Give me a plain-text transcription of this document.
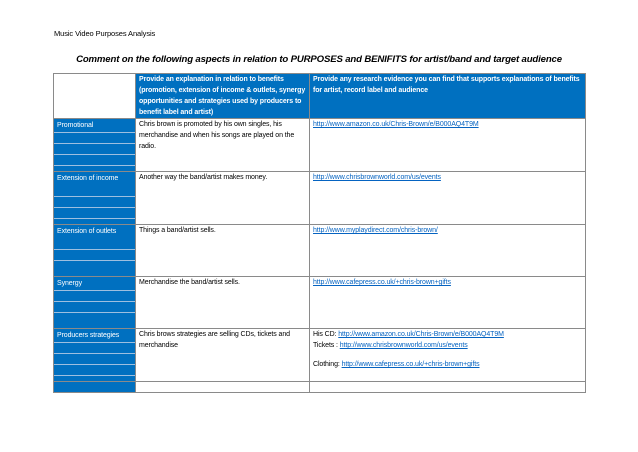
Music Video Purposes Analysis
Comment on the following aspects in relation to PURPOSES and BENIFITS for artist/band and target audience
	Provide an explanation in relation to benefits (promotion, extension of income & outlets, synergy opportunities and strategies used by producers to benefit label and artist)	Provide any research evidence you can find that supports explanations of benefits for artist, record label and audience

Promotional	Chris brown is promoted by his own singles, his merchandise and when his songs are played on the radio.	http://www.amazon.co.uk/Chris-Brown/e/B000AQ4T9M

Extension of income	Another way the band/artist makes money.	http://www.chrisbrownworld.com/us/events

Extension of outlets	Things a band/artist sells.	http://www.myplaydirect.com/chris-brown/

Synergy	Merchandise the band/artist sells.	http://www.cafepress.co.uk/+chris-brown+gifts

Producers strategies	Chris brows strategies are selling CDs, tickets and merchandise	His CD: http://www.amazon.co.uk/Chris-Brown/e/B000AQ4T9M
Tickets : http://www.chrisbrownworld.com/us/events
Clothing: http://www.cafepress.co.uk/+chris-brown+gifts
